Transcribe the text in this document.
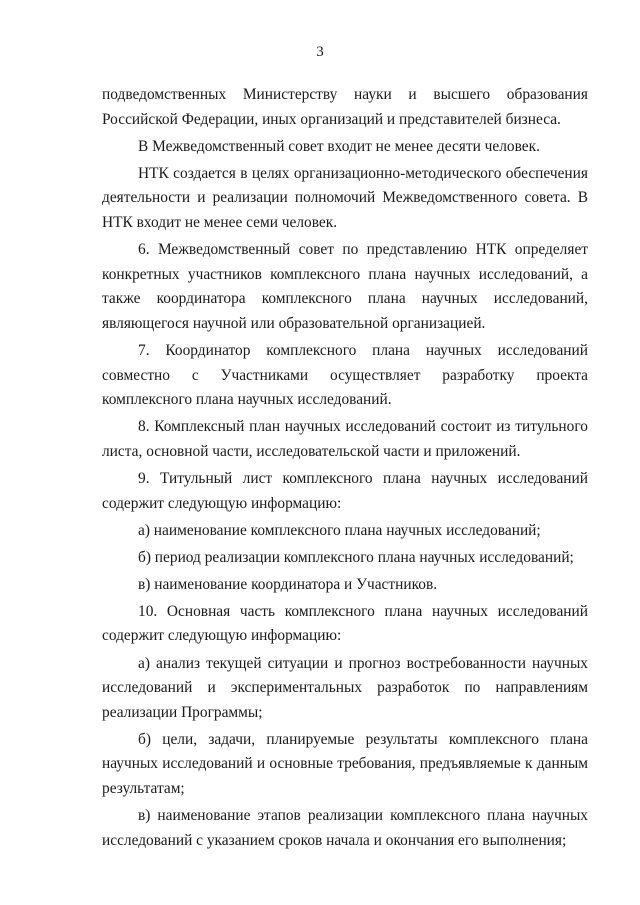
3

подведомственных Министерству науки и высшего образования Российской Федерации, иных организаций и представителей бизнеса.

В Межведомственный совет входит не менее десяти человек.

НТК создается в целях организационно-методического обеспечения деятельности и реализации полномочий Межведомственного совета. В НТК входит не менее семи человек.

6. Межведомственный совет по представлению НТК определяет конкретных участников комплексного плана научных исследований, а также координатора комплексного плана научных исследований, являющегося научной или образовательной организацией.

7. Координатор комплексного плана научных исследований совместно с Участниками осуществляет разработку проекта комплексного плана научных исследований.

8. Комплексный план научных исследований состоит из титульного листа, основной части, исследовательской части и приложений.

9. Титульный лист комплексного плана научных исследований содержит следующую информацию:

а) наименование комплексного плана научных исследований;

б) период реализации комплексного плана научных исследований;

в) наименование координатора и Участников.

10. Основная часть комплексного плана научных исследований содержит следующую информацию:

а) анализ текущей ситуации и прогноз востребованности научных исследований и экспериментальных разработок по направлениям реализации Программы;

б) цели, задачи, планируемые результаты комплексного плана научных исследований и основные требования, предъявляемые к данным результатам;

в) наименование этапов реализации комплексного плана научных исследований с указанием сроков начала и окончания его выполнения;
